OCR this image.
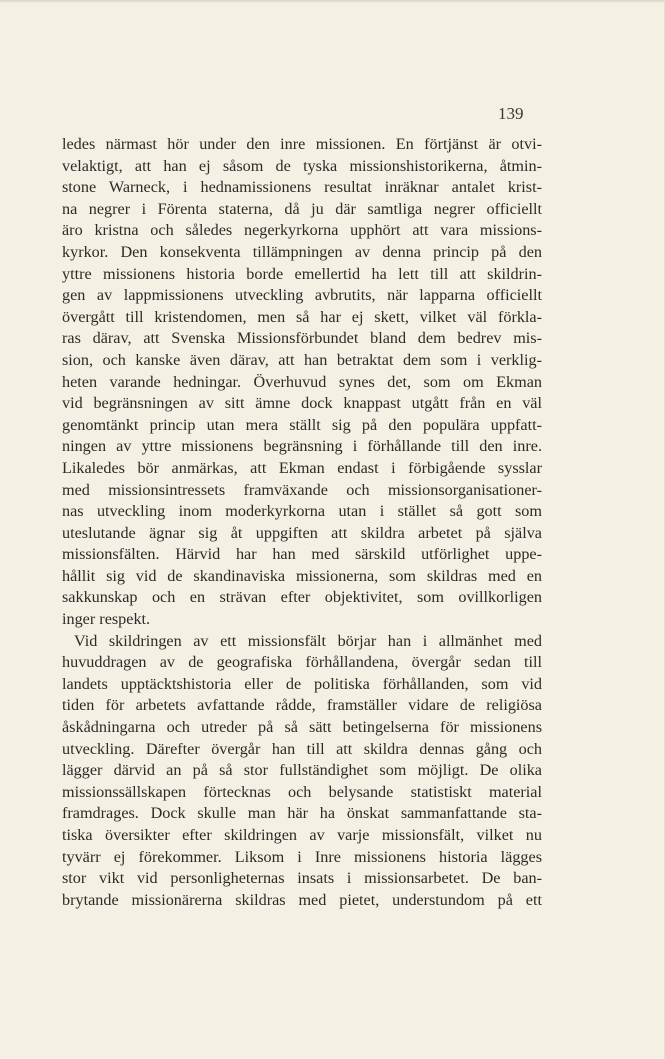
139
ledes närmast hör under den inre missionen. En förtjänst är otvi-
velaktigt, att han ej såsom de tyska missionshistorikerna, åtmin-
stone Warneck, i hednamissionens resultat inräknar antalet krist-
na negrer i Förenta staterna, då ju där samtliga negrer officiellt
äro kristna och således negerkyrkorna upphört att vara missions-
kyrkor. Den konsekventa tillämpningen av denna princip på den
yttre missionens historia borde emellertid ha lett till att skildrin-
gen av lappmissionens utveckling avbrutits, när lapparna officiellt
övergått till kristendomen, men så har ej skett, vilket väl förkla-
ras därav, att Svenska Missionsförbundet bland dem bedrev mis-
sion, och kanske även därav, att han betraktat dem som i verklig-
heten varande hedningar. Överhuvud synes det, som om Ekman
vid begränsningen av sitt ämne dock knappast utgått från en väl
genomtänkt princip utan mera ställt sig på den populära uppfatt-
ningen av yttre missionens begränsning i förhållande till den inre.
Likaledes bör anmärkas, att Ekman endast i förbigående sysslar
med missionsintressets framväxande och missionsorganisationer-
nas utveckling inom moderkyrkorna utan i stället så gott som
uteslutande ägnar sig åt uppgiften att skildra arbetet på själva
missionsfälten. Härvid har han med särskild utförlighet uppe-
hållit sig vid de skandinaviska missionerna, som skildras med en
sakkunskap och en strävan efter objektivitet, som ovillkorligen
inger respekt.
Vid skildringen av ett missionsfält börjar han i allmänhet med
huvuddragen av de geografiska förhållandena, övergår sedan till
landets upptäcktshistoria eller de politiska förhållanden, som vid
tiden för arbetets avfattande rådde, framställer vidare de religiösa
åskådningarna och utreder på så sätt betingelserna för missionens
utveckling. Därefter övergår han till att skildra dennas gång och
lägger därvid an på så stor fullständighet som möjligt. De olika
missionssällskapen förtecknas och belysande statistiskt material
framdrages. Dock skulle man här ha önskat sammanfattande sta-
tiska översikter efter skildringen av varje missionsfält, vilket nu
tyvärr ej förekommer. Liksom i Inre missionens historia lägges
stor vikt vid personligheternas insats i missionsarbetet. De ban-
brytande missionärerna skildras med pietet, understundom på ett
